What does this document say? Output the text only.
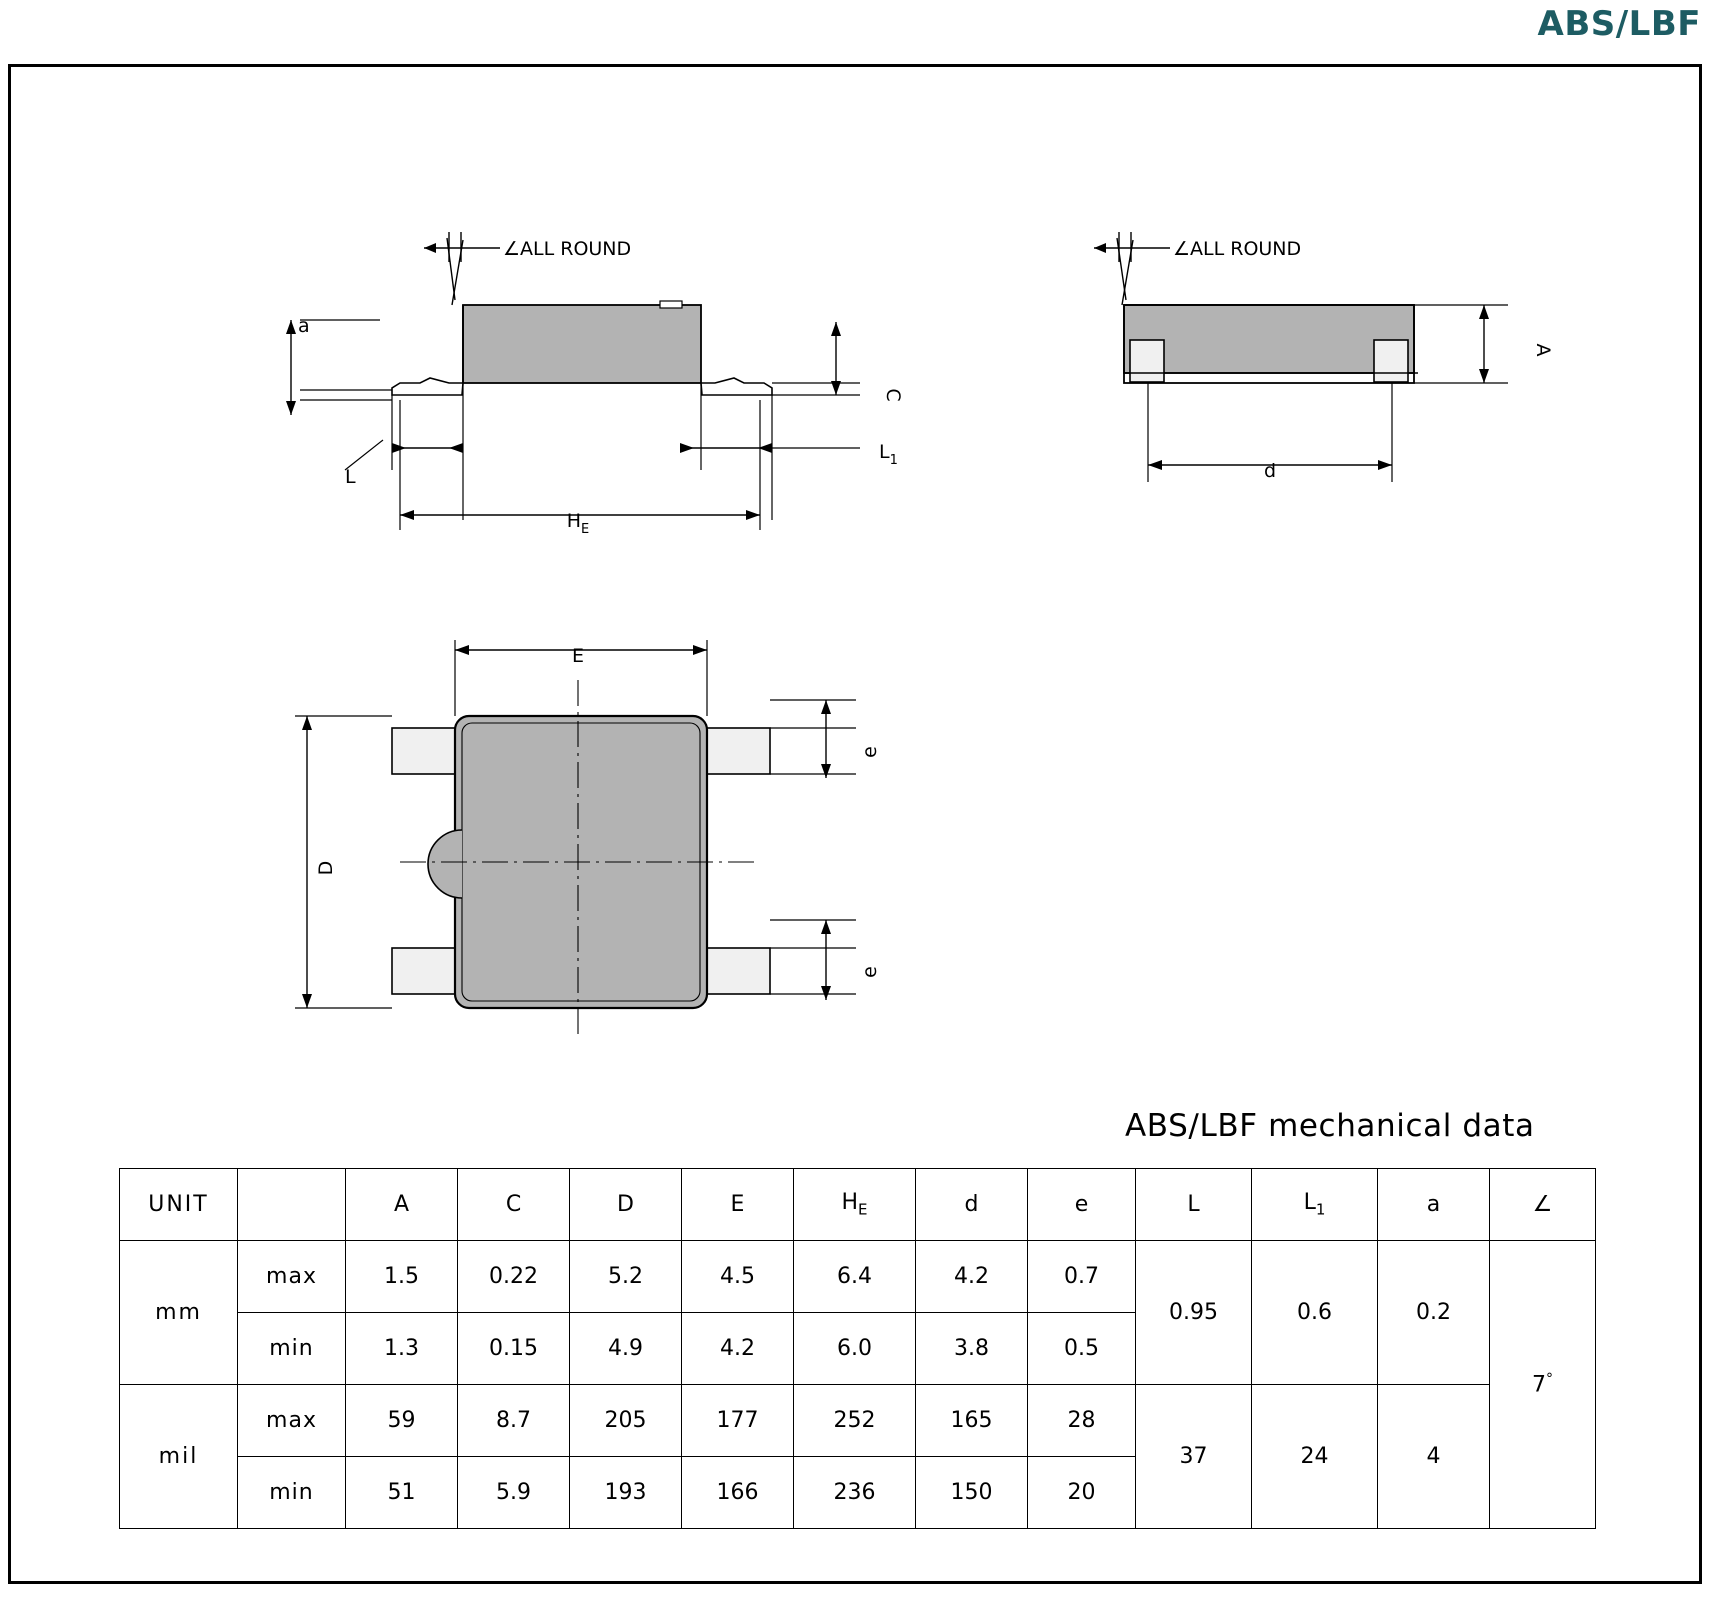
ABS/LBF
∠ALL ROUND	∠ALL ROUND
a
L
$H_E$
$L_1$
C
A
d
E
D
e
e
ABS/LBF mechanical data
UNIT		A	C	D	E	$H_E$	d	e	L	$L_1$	a	∠
mm	max	1.5	0.22	5.2	4.5	6.4	4.2	0.7	0.95	0.6	0.2	7°
	min	1.3	0.15	4.9	4.2	6.0	3.8	0.5				
mil	max	59	8.7	205	177	252	165	28	37	24	4	
	min	51	5.9	193	166	236	150	20				
